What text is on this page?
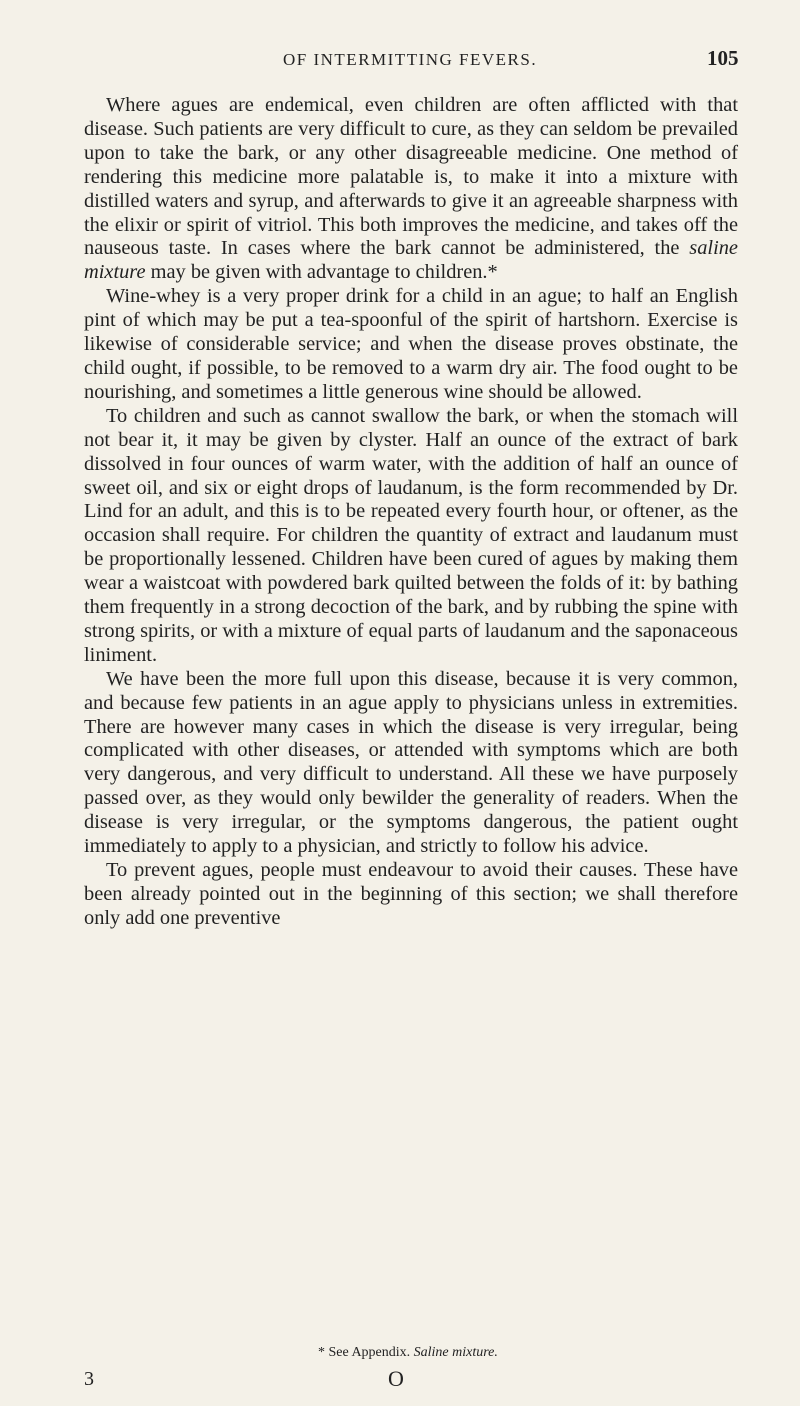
OF INTERMITTING FEVERS.	105

Where agues are endemical, even children are often afflicted with that disease. Such patients are very difficult to cure, as they can seldom be prevailed upon to take the bark, or any other disagreeable medicine. One method of rendering this medicine more palatable is, to make it into a mixture with distilled waters and syrup, and afterwards to give it an agreeable sharpness with the elixir or spirit of vitriol. This both improves the medicine, and takes off the nauseous taste. In cases where the bark cannot be administered, the saline mixture may be given with advantage to children.*

Wine-whey is a very proper drink for a child in an ague; to half an English pint of which may be put a tea-spoonful of the spirit of hartshorn. Exercise is likewise of considerable service; and when the disease proves obstinate, the child ought, if possible, to be removed to a warm dry air. The food ought to be nourishing, and sometimes a little generous wine should be allowed.

To children and such as cannot swallow the bark, or when the stomach will not bear it, it may be given by clyster. Half an ounce of the extract of bark dissolved in four ounces of warm water, with the addition of half an ounce of sweet oil, and six or eight drops of laudanum, is the form recommended by Dr. Lind for an adult, and this is to be repeated every fourth hour, or oftener, as the occasion shall require. For children the quantity of extract and laudanum must be proportionally lessened. Children have been cured of agues by making them wear a waistcoat with powdered bark quilted between the folds of it: by bathing them frequently in a strong decoction of the bark, and by rubbing the spine with strong spirits, or with a mixture of equal parts of laudanum and the saponaceous liniment.

We have been the more full upon this disease, because it is very common, and because few patients in an ague apply to physicians unless in extremities. There are however many cases in which the disease is very irregular, being complicated with other diseases, or attended with symptoms which are both very dangerous, and very difficult to understand. All these we have purposely passed over, as they would only bewilder the generality of readers. When the disease is very irregular, or the symptoms dangerous, the patient ought immediately to apply to a physician, and strictly to follow his advice.

To prevent agues, people must endeavour to avoid their causes. These have been already pointed out in the beginning of this section; we shall therefore only add one preventive

* See Appendix. Saline mixture.
3	O
